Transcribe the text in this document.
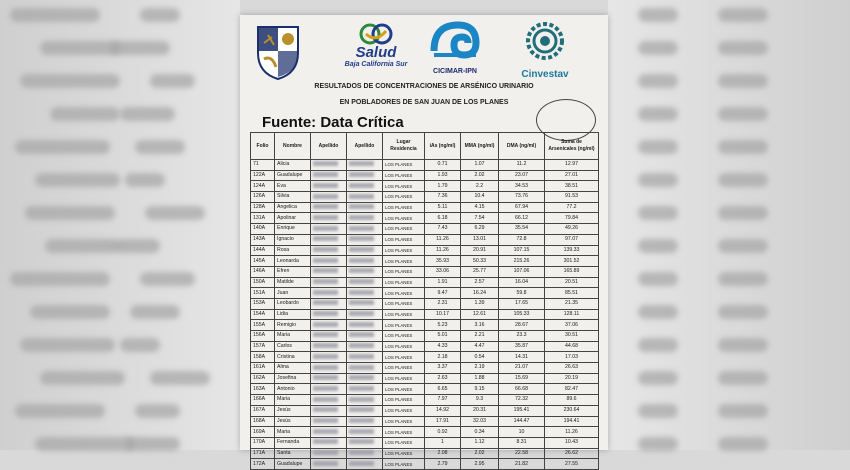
Salud
Baja California Sur
CICIMAR-IPN	Cinvestav
RESULTADOS DE CONCENTRACIONES DE ARSÉNICO URINARIO
EN POBLADORES DE SAN JUAN DE LOS PLANES
Fuente: Data Crítica
Folio	Nombre	Apellido	Apellido	Lugar Residencia	iAs (ng/ml)	MMA (ng/ml)	DMA (ng/ml)	Suma de Arsenicales (ng/ml)
71	Alicia			LOS PLANES	0.71	1.07	11.2	12.97
122A	Guadalupe			LOS PLANES	1.93	2.02	23.07	27.01
124A	Eva			LOS PLANES	1.79	2.2	34.53	38.51
126A	Silvia			LOS PLANES	7.36	10.4	73.76	91.53
128A	Angelica			LOS PLANES	5.11	4.15	67.94	77.2
131A	Apolinar			LOS PLANES	6.18	7.54	66.12	79.84
140A	Enrique			LOS PLANES	7.43	6.29	35.54	49.26
143A	Ignacio			LOS PLANES	11.26	13.01	72.8	97.07
144A	Rosa			LOS PLANES	11.26	20.91	107.15	139.33
145A	Leonarda			LOS PLANES	35.93	50.33	215.26	301.52
146A	Efren			LOS PLANES	33.06	25.77	107.06	165.89
150A	Matilde			LOS PLANES	1.91	2.57	16.04	20.51
151A	Juan			LOS PLANES	9.47	16.24	59.8	85.51
153A	Leobardo			LOS PLANES	2.31	1.39	17.65	21.35
154A	Lidia			LOS PLANES	10.17	12.61	105.33	128.11
155A	Remigio			LOS PLANES	5.23	3.16	28.67	37.06
156A	Maria			LOS PLANES	5.01	2.21	23.3	30.51
157A	Carlos			LOS PLANES	4.33	4.47	35.87	44.68
158A	Cristina			LOS PLANES	2.18	0.54	14.31	17.03
161A	Alma			LOS PLANES	3.37	2.19	21.07	26.63
162A	Josefina			LOS PLANES	2.63	1.88	15.69	20.19
163A	Antonio			LOS PLANES	6.65	9.15	66.68	82.47
166A	Maria			LOS PLANES	7.97	9.3	72.32	89.6
167A	Jesús			LOS PLANES	14.92	20.31	195.41	230.64
168A	Jesús			LOS PLANES	17.91	32.03	144.47	194.41
169A	Maria			LOS PLANES	0.92	0.34	10	11.26
170A	Fernanda			LOS PLANES	1	1.12	8.31	10.43
171A	Santa			LOS PLANES	2.08	2.02	22.58	26.62
172A	Guadalupe			LOS PLANES	2.79	2.95	21.82	27.55
